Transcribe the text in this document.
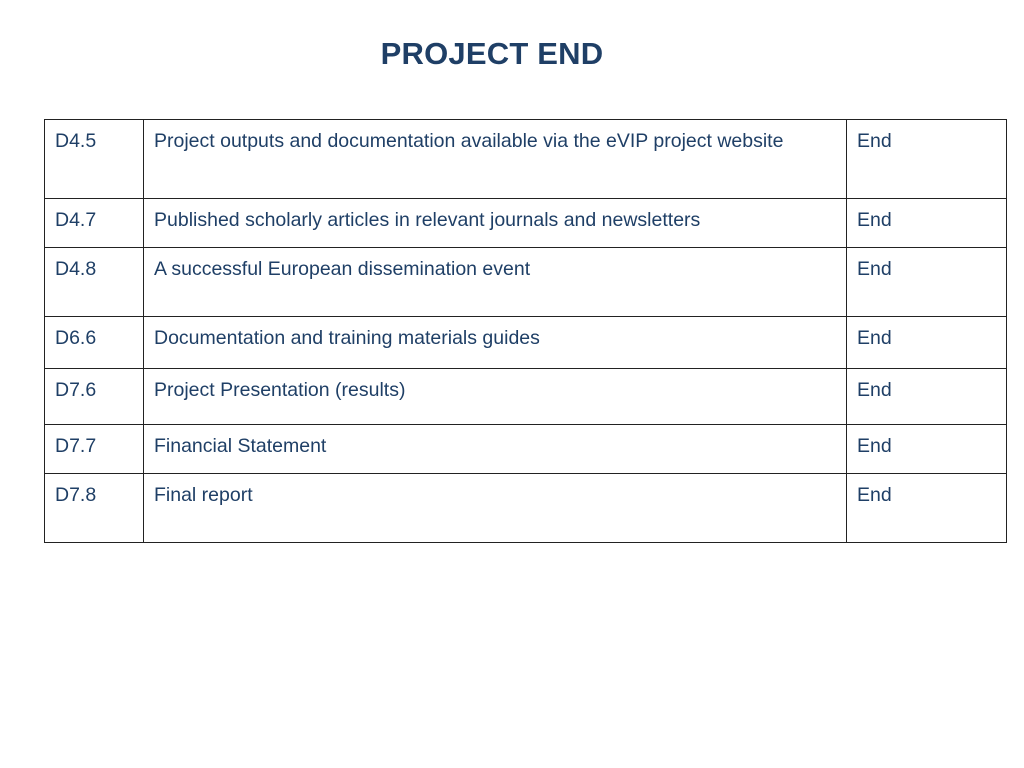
PROJECT END
D4.5	Project outputs and documentation available via the eVIP project website	End
D4.7	Published scholarly articles in relevant journals and newsletters	End
D4.8	A successful European dissemination event	End
D6.6	Documentation and training materials guides	End
D7.6	Project Presentation (results)	End
D7.7	Financial Statement	End
D7.8	Final report	End
